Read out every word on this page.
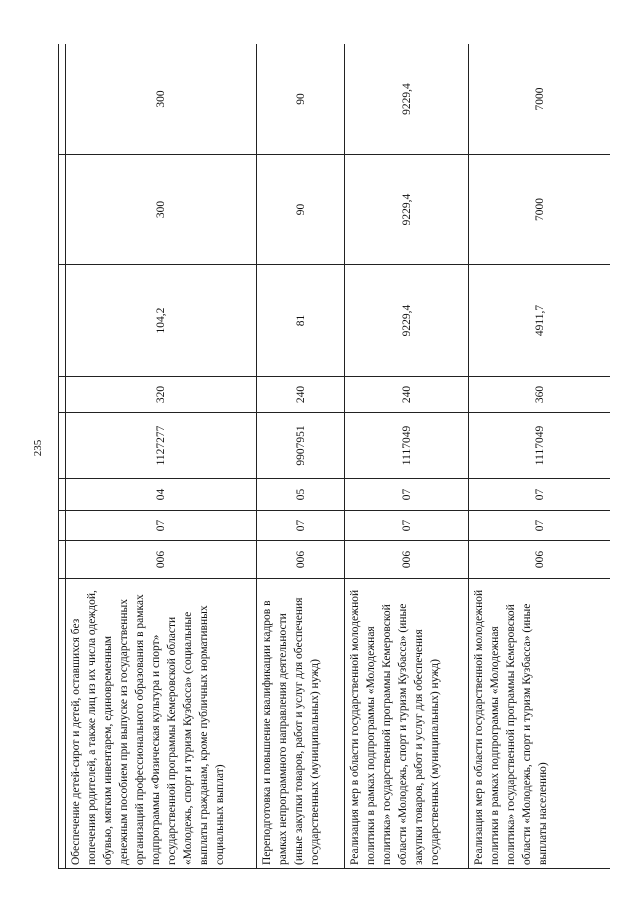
235

Обеспечение детей-сирот и детей, оставшихся без попечения родителей, а также лиц из их числа одеждой, обувью, мягким инвентарем, единовременным денежным пособием при выпуске из государственных организаций профессионального образования в рамках подпрограммы «Физическая культура и спорт» государственной программы Кемеровской области «Молодежь, спорт и туризм Кузбасса» (социальные выплаты гражданам, кроме публичных нормативных социальных выплат)	006	07	04	1127277	320	104,2	300	300
Переподготовка и повышение квалификации кадров в рамках непрограммного направления деятельности (иные закупки товаров, работ и услуг для обеспечения государственных (муниципальных) нужд)	006	07	05	9907951	240	81	90	90
Реализация мер в области государственной молодежной политики в рамках подпрограммы «Молодежная политика» государственной программы Кемеровской области «Молодежь, спорт и туризм Кузбасса» (иные закупки товаров, работ и услуг для обеспечения государственных (муниципальных) нужд)	006	07	07	1117049	240	9229,4	9229,4	9229,4
Реализация мер в области государственной молодежной политики в рамках подпрограммы «Молодежная политика» государственной программы Кемеровской области «Молодежь, спорт и туризм Кузбасса» (иные выплаты населению)	006	07	07	1117049	360	4911,7	7000	7000
